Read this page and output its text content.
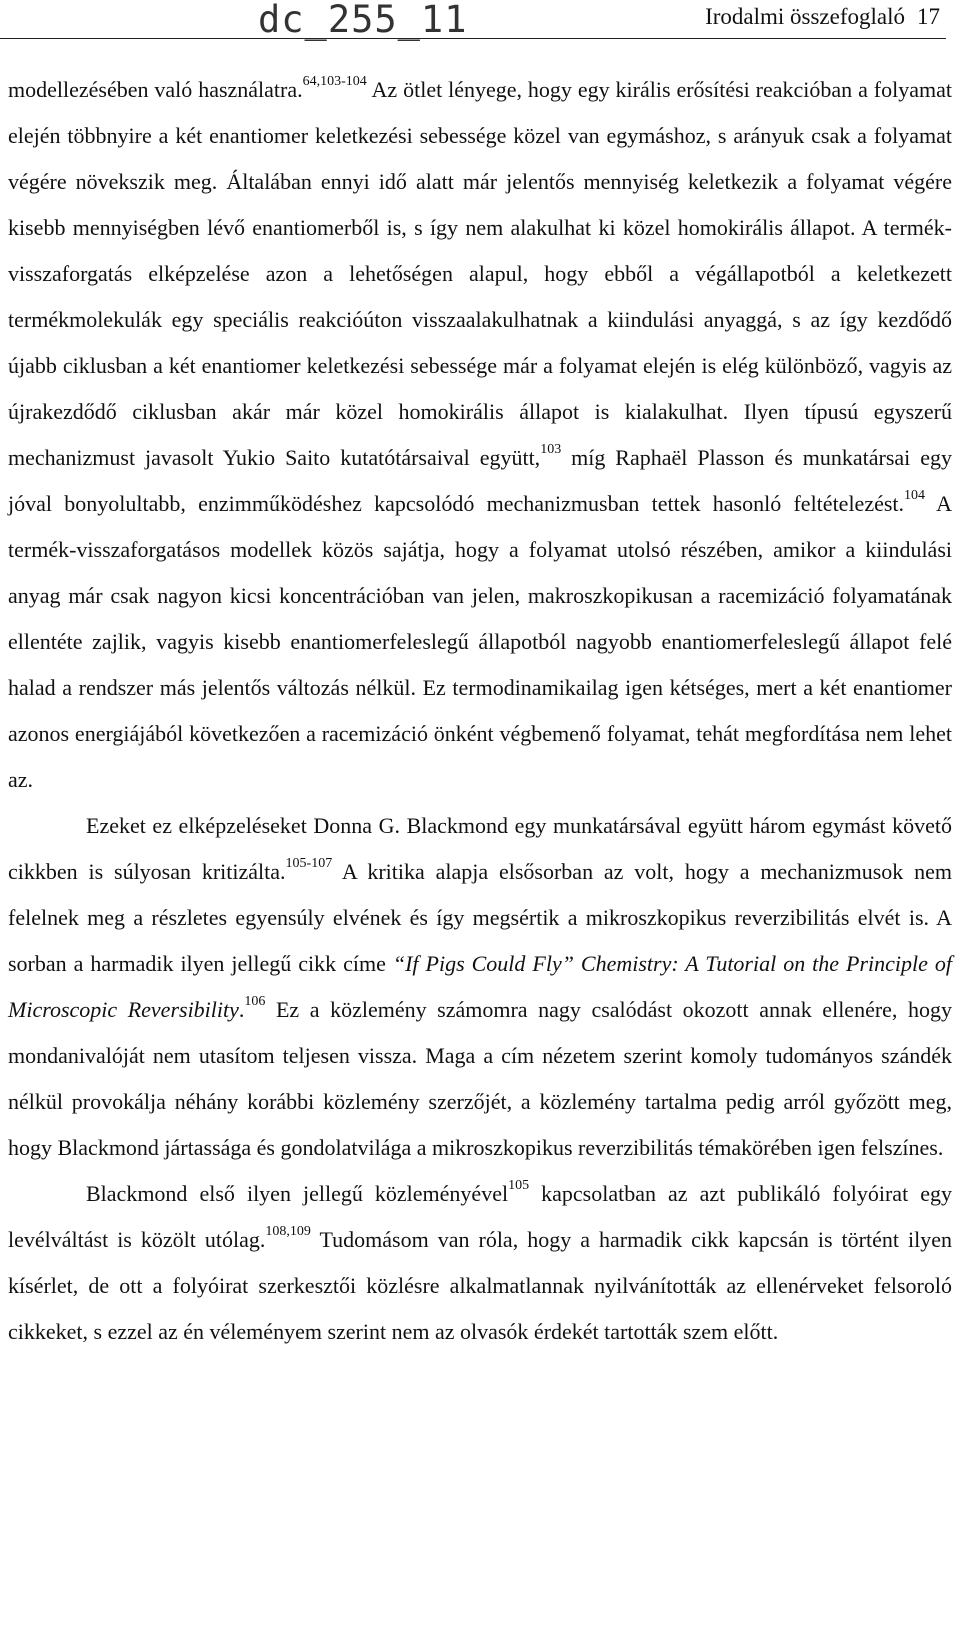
dc_255_11	Irodalmi összefoglaló 17

modellezésében való használatra.$^{64,103-104}$ Az ötlet lényege, hogy egy királis erősítési reakcióban a folyamat elején többnyire a két enantiomer keletkezési sebessége közel van egymáshoz, s arányuk csak a folyamat végére növekszik meg. Általában ennyi idő alatt már jelentős mennyiség keletkezik a folyamat végére kisebb mennyiségben lévő enantiomerből is, s így nem alakulhat ki közel homokirális állapot. A termék-visszaforgatás elképzelése azon a lehetőségen alapul, hogy ebből a végállapotból a keletkezett termékmolekulák egy speciális reakcióúton visszaalakulhatnak a kiindulási anyaggá, s az így kezdődő újabb ciklusban a két enantiomer keletkezési sebessége már a folyamat elején is elég különböző, vagyis az újrakezdődő ciklusban akár már közel homokirális állapot is kialakulhat. Ilyen típusú egyszerű mechanizmust javasolt Yukio Saito kutatótársaival együtt,$^{103}$ míg Raphaël Plasson és munkatársai egy jóval bonyolultabb, enzimműködéshez kapcsolódó mechanizmusban tettek hasonló feltételezést.$^{104}$ A termék-visszaforgatásos modellek közös sajátja, hogy a folyamat utolsó részében, amikor a kiindulási anyag már csak nagyon kicsi koncentrációban van jelen, makroszkopikusan a racemizáció folyamatának ellentéte zajlik, vagyis kisebb enantiomerfeleslegű állapotból nagyobb enantiomerfeleslegű állapot felé halad a rendszer más jelentős változás nélkül. Ez termodinamikailag igen kétséges, mert a két enantiomer azonos energiájából következően a racemizáció önként végbemenő folyamat, tehát megfordítása nem lehet az.

Ezeket ez elképzeléseket Donna G. Blackmond egy munkatársával együtt három egymást követő cikkben is súlyosan kritizálta.$^{105-107}$ A kritika alapja elsősorban az volt, hogy a mechanizmusok nem felelnek meg a részletes egyensúly elvének és így megsértik a mikroszkopikus reverzibilitás elvét is. A sorban a harmadik ilyen jellegű cikk címe “If Pigs Could Fly” Chemistry: A Tutorial on the Principle of Microscopic Reversibility.$^{106}$ Ez a közlemény számomra nagy csalódást okozott annak ellenére, hogy mondanivalóját nem utasítom teljesen vissza. Maga a cím nézetem szerint komoly tudományos szándék nélkül provokálja néhány korábbi közlemény szerzőjét, a közlemény tartalma pedig arról győzött meg, hogy Blackmond jártassága és gondolatvilága a mikroszkopikus reverzibilitás témakörében igen felszínes.

Blackmond első ilyen jellegű közleményével$^{105}$ kapcsolatban az azt publikáló folyóirat egy levélváltást is közölt utólag.$^{108,109}$ Tudomásom van róla, hogy a harmadik cikk kapcsán is történt ilyen kísérlet, de ott a folyóirat szerkesztői közlésre alkalmatlannak nyilvánították az ellenérveket felsoroló cikkeket, s ezzel az én véleményem szerint nem az olvasók érdekét tartották szem előtt.
